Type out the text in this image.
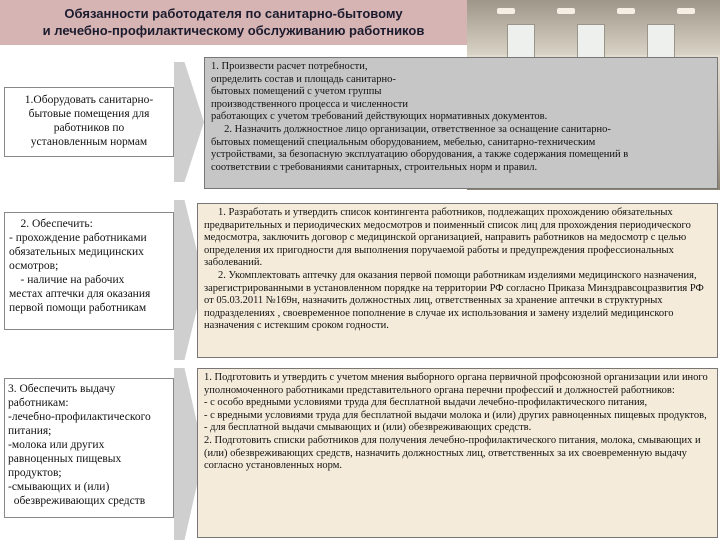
Обязанности работодателя по санитарно-бытовому
и лечебно-профилактическому обслуживанию работников
1.Оборудовать санитарно-
бытовые помещения для
работников по
установленным нормам

1. Произвести расчет потребности,

определить состав и площадь санитарно-

бытовых помещений с учетом группы

производственного процесса и численности

работающих с учетом требований действующих нормативных документов.

2. Назначить должностное лицо организации, ответственное за оснащение санитарно-

бытовых помещений специальным оборудованием, мебелью, санитарно-техническим

устройствами, за безопасную эксплуатацию оборудования, а также содержания помещений в

соответствии с требованиями санитарных, строительных норм и правил.

2. Обеспечить:
- прохождение работниками
обязательных медицинских
осмотров;
- наличие на рабочих
местах аптечки для оказания
первой помощи работникам

1. Разработать и утвердить список контингента работников, подлежащих прохождению обязательных предварительных и периодических медосмотров и поименный список лиц для прохождения периодического медосмотра, заключить договор с медицинской организацией, направить работников на медосмотр с целью определения их пригодности для выполнения поручаемой работы и предупреждения профессиональных заболеваний.

2. Укомплектовать аптечку для оказания первой помощи работникам изделиями медицинского назначения, зарегистрированными в установленном порядке на территории РФ согласно Приказа Минздравсоцразвития РФ от 05.03.2011 №169н, назначить должностных лиц, ответственных за хранение аптечки в структурных подразделениях , своевременное пополнение в случае их использования и замену изделий медицинского назначения с истекшим сроком годности.

3. Обеспечить выдачу
работникам:
-лечебно-профилактического
питания;
-молока или других
равноценных пищевых
продуктов;
-смывающих и (или)
обезвреживающих средств

1. Подготовить и утвердить с учетом мнения выборного органа первичной профсоюзной организации или иного уполномоченного работниками представительного органа перечни профессий и должностей работников:

- с особо вредными условиями труда для бесплатной выдачи лечебно-профилактического питания,

- с вредными условиями труда для бесплатной выдачи молока и (или) других равноценных пищевых продуктов,

- для бесплатной выдачи смывающих и (или) обезвреживающих средств.

2. Подготовить списки работников для получения лечебно-профилактического питания, молока, смывающих и (или) обезвреживающих средств, назначить должностных лиц, ответственных за их своевременную выдачу согласно установленных норм.
